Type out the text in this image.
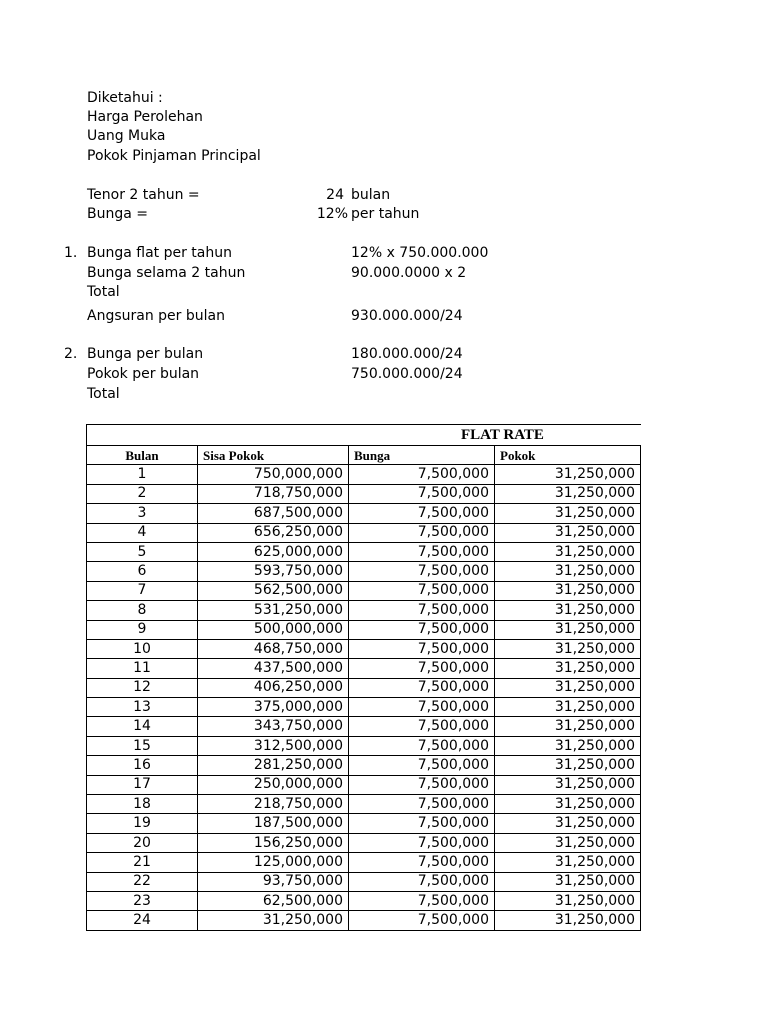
Diketahui :
Harga Perolehan
Uang Muka
Pokok Pinjaman Principal
Tenor 2 tahun =	24 bulan
Bunga =	12% per tahun
1. Bunga flat per tahun	12% x 750.000.000
Bunga selama 2 tahun	90.000.0000 x 2
Total
Angsuran per bulan	930.000.000/24
2. Bunga per bulan	180.000.000/24
Pokok per bulan	750.000.000/24
Total
FLAT RATE			
Bulan	Sisa Pokok	Bunga	Pokok
1	750,000,000	7,500,000	31,250,000
2	718,750,000	7,500,000	31,250,000
3	687,500,000	7,500,000	31,250,000
4	656,250,000	7,500,000	31,250,000
5	625,000,000	7,500,000	31,250,000
6	593,750,000	7,500,000	31,250,000
7	562,500,000	7,500,000	31,250,000
8	531,250,000	7,500,000	31,250,000
9	500,000,000	7,500,000	31,250,000
10	468,750,000	7,500,000	31,250,000
11	437,500,000	7,500,000	31,250,000
12	406,250,000	7,500,000	31,250,000
13	375,000,000	7,500,000	31,250,000
14	343,750,000	7,500,000	31,250,000
15	312,500,000	7,500,000	31,250,000
16	281,250,000	7,500,000	31,250,000
17	250,000,000	7,500,000	31,250,000
18	218,750,000	7,500,000	31,250,000
19	187,500,000	7,500,000	31,250,000
20	156,250,000	7,500,000	31,250,000
21	125,000,000	7,500,000	31,250,000
22	93,750,000	7,500,000	31,250,000
23	62,500,000	7,500,000	31,250,000
24	31,250,000	7,500,000	31,250,000
